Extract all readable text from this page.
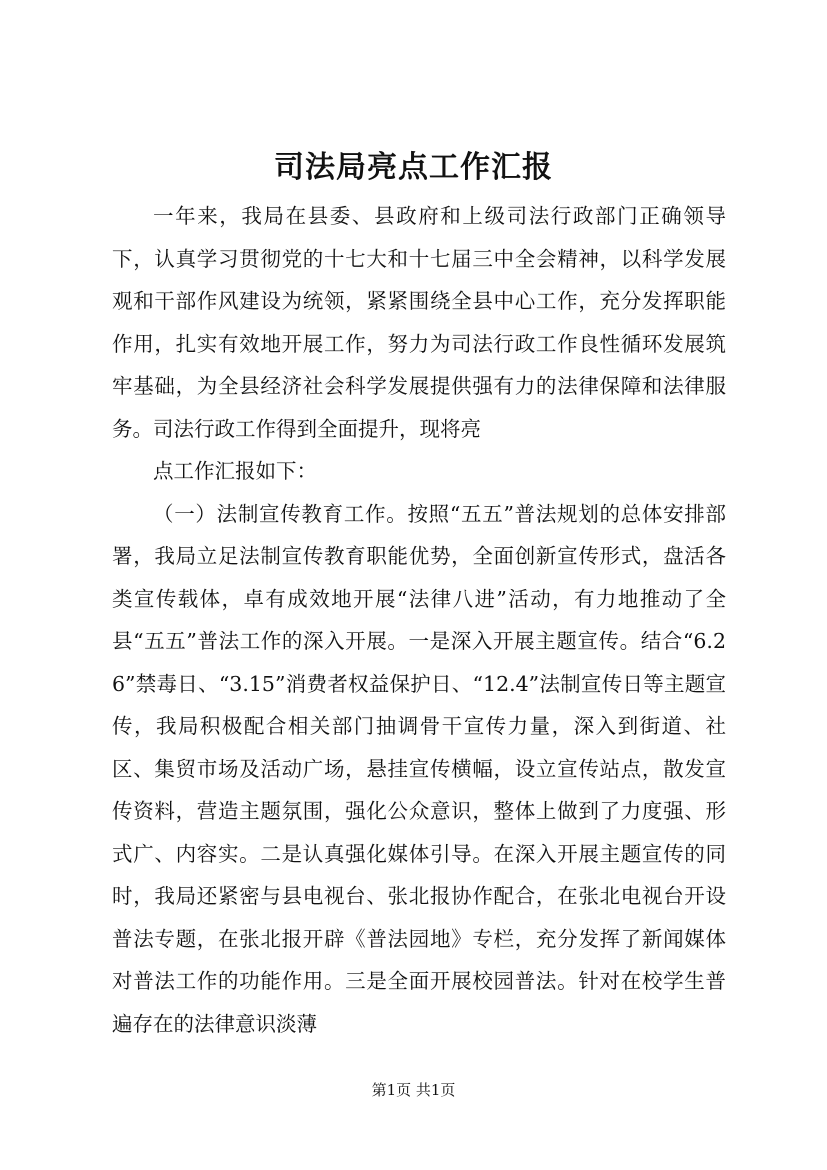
司法局亮点工作汇报

一年来，我局在县委、县政府和上级司法行政部门正确领导下，认真学习贯彻党的十七大和十七届三中全会精神，以科学发展观和干部作风建设为统领，紧紧围绕全县中心工作，充分发挥职能作用，扎实有效地开展工作，努力为司法行政工作良性循环发展筑牢基础，为全县经济社会科学发展提供强有力的法律保障和法律服务。司法行政工作得到全面提升，现将亮

点工作汇报如下：

（一）法制宣传教育工作。按照“五五”普法规划的总体安排部署，我局立足法制宣传教育职能优势，全面创新宣传形式，盘活各类宣传载体，卓有成效地开展“法律八进”活动，有力地推动了全县“五五”普法工作的深入开展。一是深入开展主题宣传。结合“6.26”禁毒日、“3.15”消费者权益保护日、“12.4”法制宣传日等主题宣传，我局积极配合相关部门抽调骨干宣传力量，深入到街道、社区、集贸市场及活动广场，悬挂宣传横幅，设立宣传站点，散发宣传资料，营造主题氛围，强化公众意识，整体上做到了力度强、形式广、内容实。二是认真强化媒体引导。在深入开展主题宣传的同时，我局还紧密与县电视台、张北报协作配合，在张北电视台开设普法专题，在张北报开辟《普法园地》专栏，充分发挥了新闻媒体对普法工作的功能作用。三是全面开展校园普法。针对在校学生普遍存在的法律意识淡薄

第1页 共1页
